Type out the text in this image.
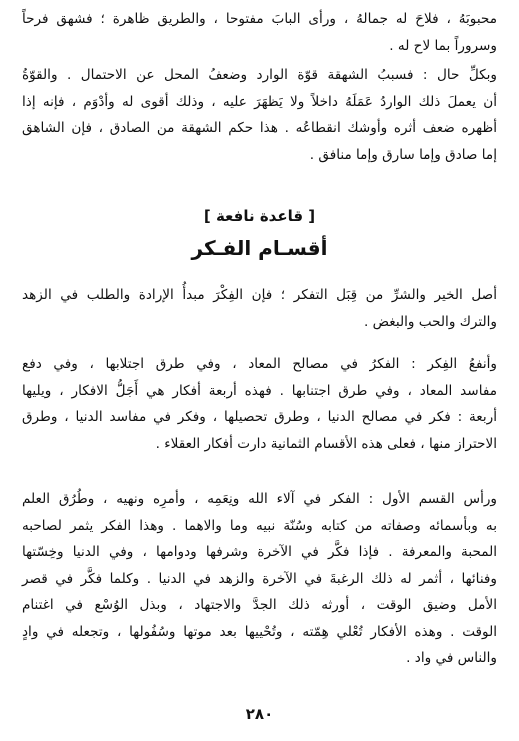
محبوبَهُ ، فلاحَ له جمالهُ ، ورأى البابَ مفتوحا ، والطريق ظاهرة ؛ فشهق فرحاً
وسروراً بما لاح له .
وبكلِّ حال : فسببُ الشهقة قوّة الوارد وضعفُ المحل عن الاحتمال . والقوّةُ
أن يعملَ ذلك الواردُ عَمَلَهُ داخلاً ولا يَظهَرَ عليه ، وذلك أقوى له وأدْوَم ، فإنه إذا
أظهره ضعف أثره وأوشك انقطاعُه . هذا حكم الشهقة من الصادق ، فإن الشاهق
إما صادق وإما سارق وإما منافق .
[ قاعدة نافعة ]
أقسـام الفـكر
أصل الخير والشرِّ من قِبَل التفكر ؛ فإن الفِكْرَ مبدأُ الإرادة والطلب في الزهد
والترك والحب والبغض .
وأنفعُ الفِكر : الفكرُ في مصالح المعاد ، وفي طرق اجتلابها ، وفي دفع
مفاسد المعاد ، وفي طرق اجتنابها . فهذه أربعة أفكار هي أَجَلُّ الافكار ، ويليها
أربعة : فكر في مصالح الدنيا ، وطرق تحصيلها ، وفكر في مفاسد الدنيا ، وطرق
الاحتراز منها ، فعلى هذه الأقسام الثمانية دارت أفكار العقلاء .
ورأس القسم الأول : الفكر في آلاء الله ونِعَمِه ، وأمرِه ونهيه ، وطُرُق العلم
به وبأسمائه وصفاته من كتابه وسُنّة نبيه وما والاهما . وهذا الفكر يثمر لصاحبه
المحبة والمعرفة . فإذا فكَّر في الآخرة وشرفها ودوامها ، وفي الدنيا وخِسّتها
وفنائها ، أثمر له ذلك الرغبةَ في الآخرة والزهد في الدنيا . وكلما فكَّر في قصر
الأمل وضيق الوقت ، أورثه ذلك الجدَّ والاجتهاد ، وبذل الوُسْع في اغتنام
الوقت . وهذه الأفكار تُعْلي هِمّته ، وتُحْييها بعد موتها وسُفُولها ، وتجعله في وادٍ
والناس في واد .
٢٨٠
